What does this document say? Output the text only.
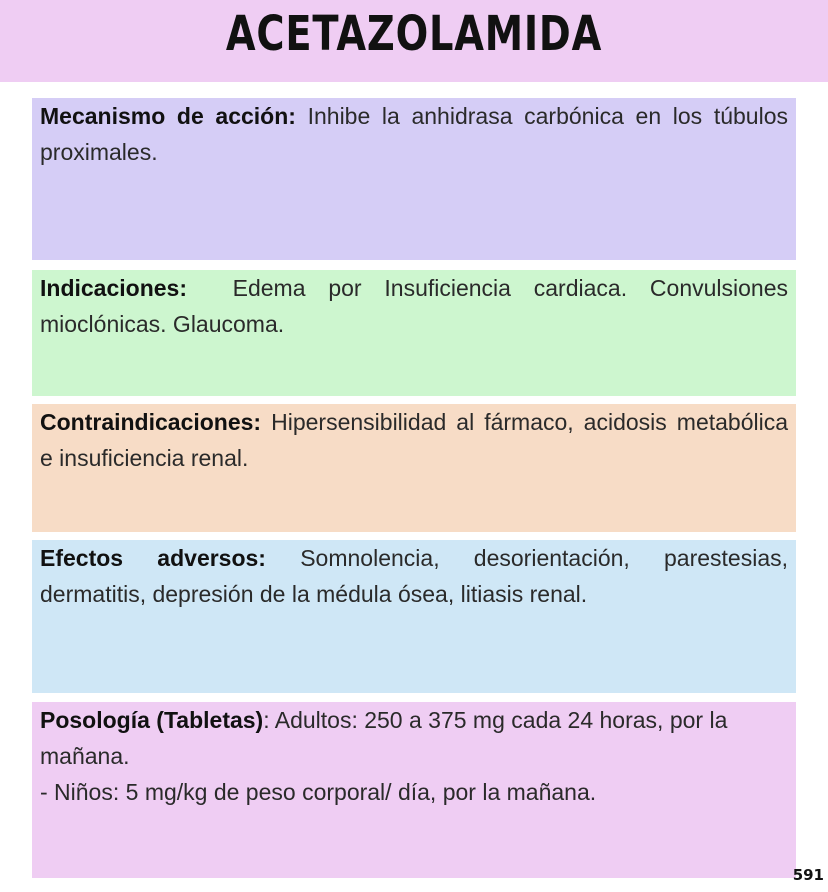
ACETAZOLAMIDA

Mecanismo de acción: Inhibe la anhidrasa carbónica en los túbulos proximales.

Indicaciones: Edema por Insuficiencia cardiaca. Convulsiones mioclónicas. Glaucoma.

Contraindicaciones: Hipersensibilidad al fármaco, acidosis metabólica e insuficiencia renal.

Efectos adversos: Somnolencia, desorientación, parestesias, dermatitis, depresión de la médula ósea, litiasis renal.

Posología (Tabletas): Adultos: 250 a 375 mg cada 24 horas, por la mañana.

- Niños: 5 mg/kg de peso corporal/ día, por la mañana.

591
